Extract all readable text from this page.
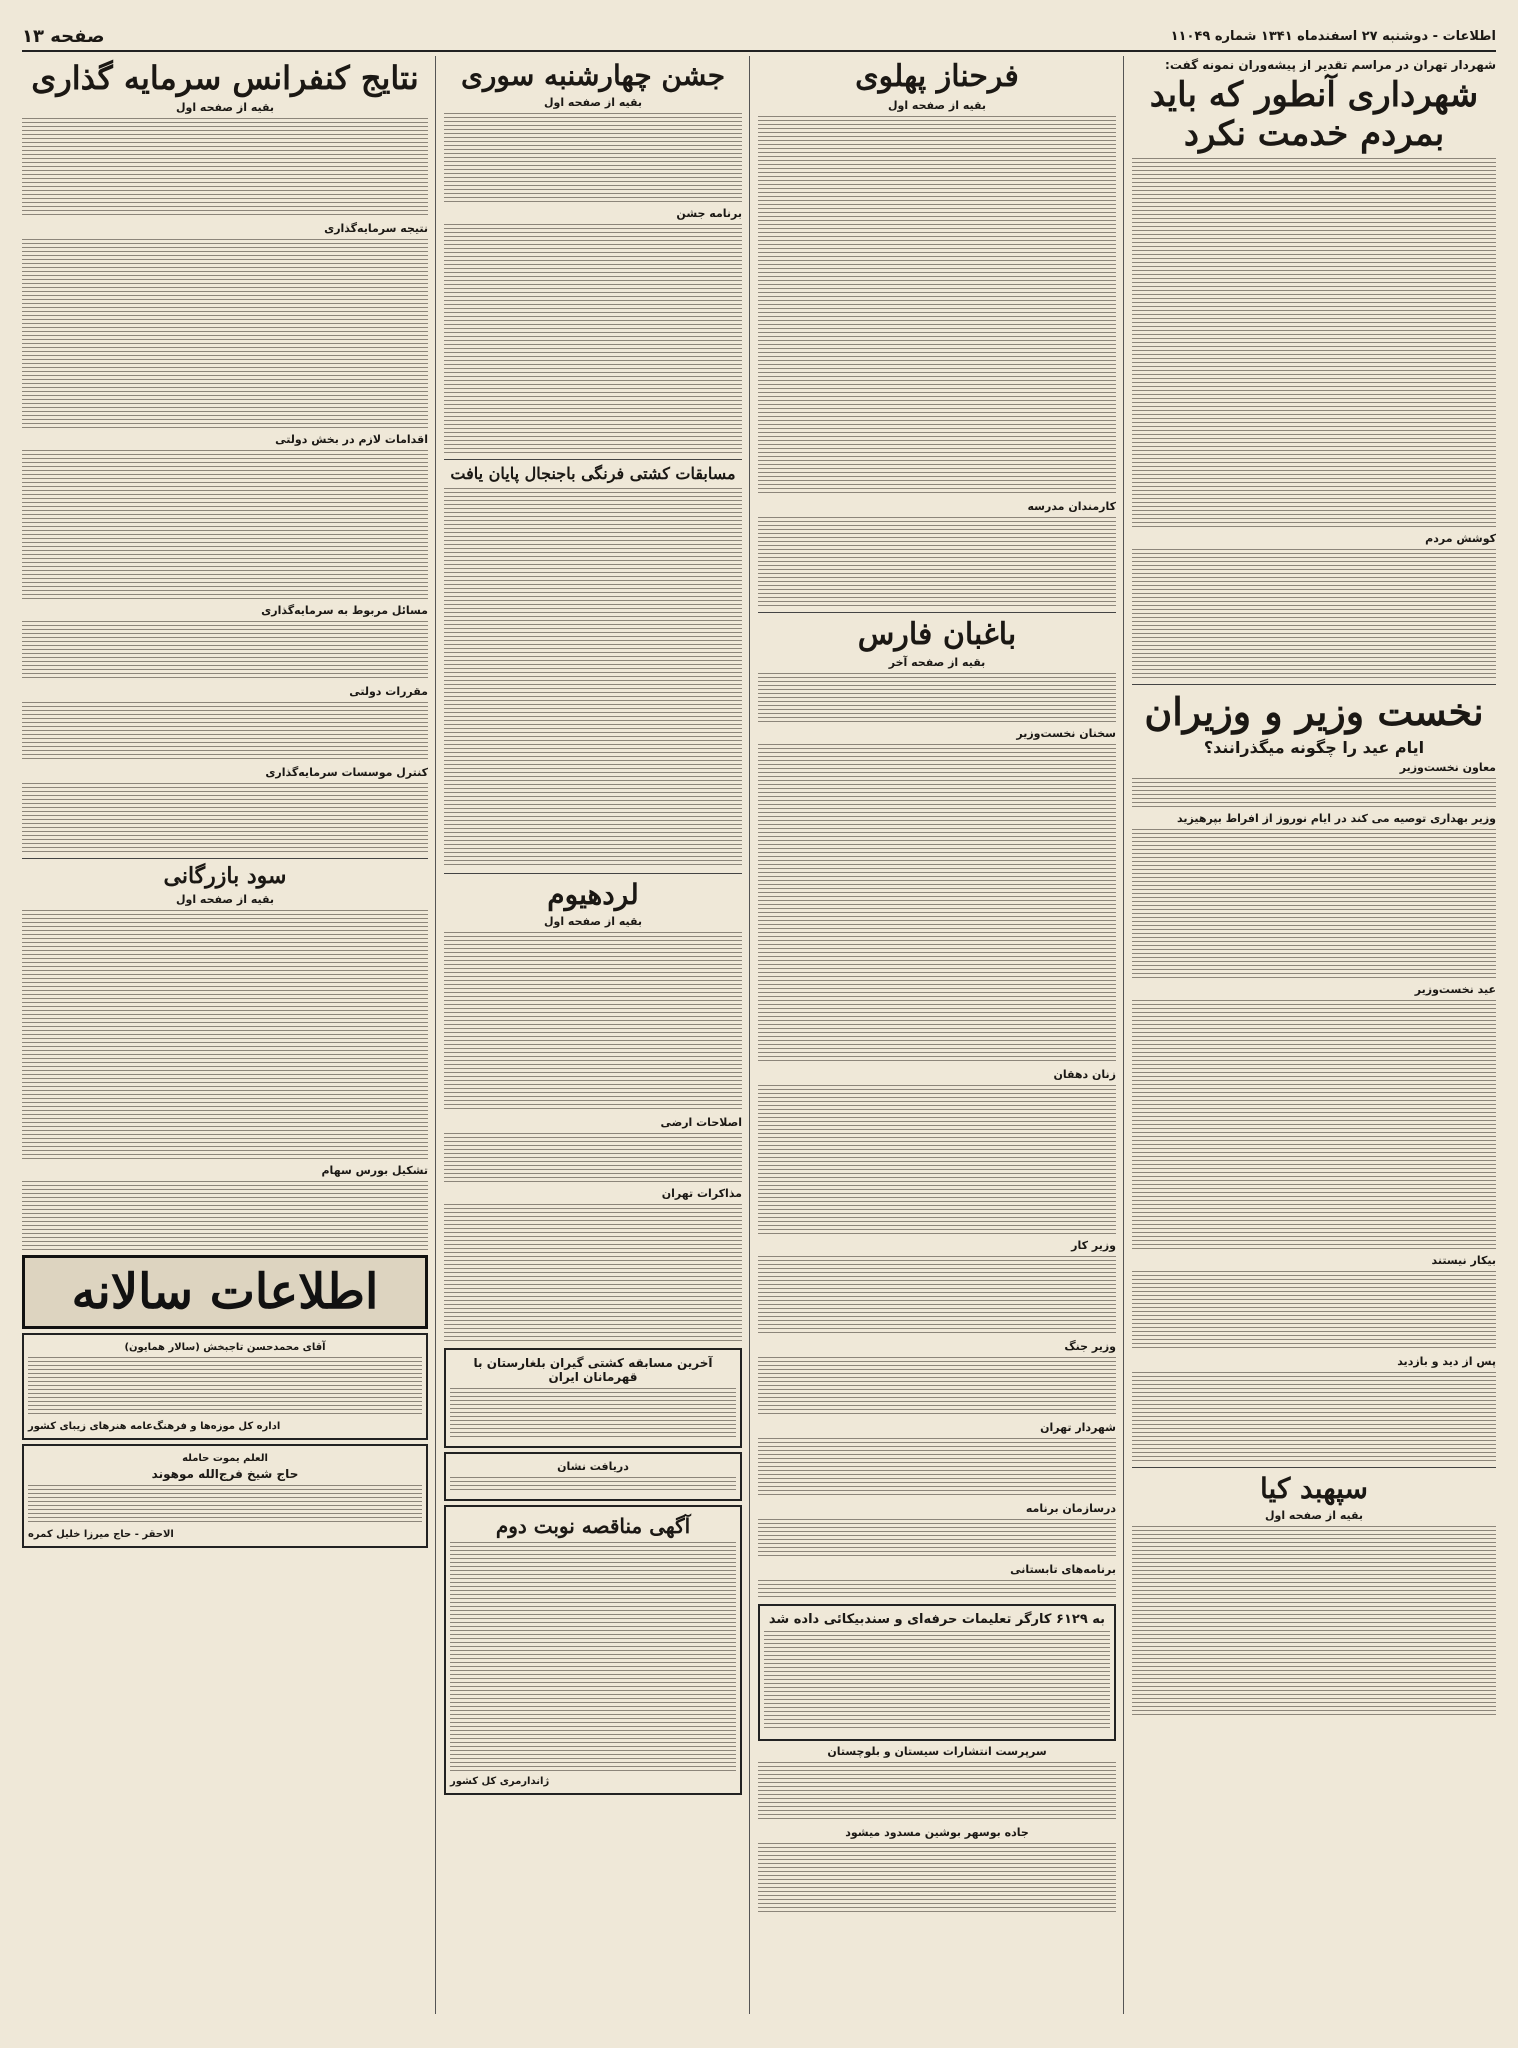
اطلاعات - دوشنبه ۲۷ اسفندماه ۱۳۴۱ شماره ۱۱۰۴۹
صفحه ۱۳
شهردار تهران در مراسم تقدیر از پیشه‌وران نمونه گفت:
شهرداری آنطور که باید بمردم خدمت نکرد
کوشش مردم
نخست وزیر و وزیران
ایام عید را چگونه میگذرانند؟
معاون نخست‌وزیر
وزیر بهداری توصیه می کند در ایام نوروز از افراط بپرهیزید
عید نخست‌وزیر
بیکار نیستند
پس از دید و بازدید
سپهبد کیا
بقیه از صفحه اول
فرحناز پهلوی
بقیه از صفحه اول
کارمندان مدرسه
باغبان فارس
بقیه از صفحه آخر
سخنان نخست‌وزیر
زنان دهقان
وزیر کار
وزیر جنگ
شهردار تهران
درسازمان برنامه
برنامه‌های تابستانی
به ۶۱۲۹ کارگر تعلیمات حرفه‌ای و سندبیکائی داده شد
سرپرست انتشارات سیستان و بلوچستان
جاده بوسهر بوشین مسدود میشود
جشن چهارشنبه سوری
بقیه از صفحه اول
برنامه جشن
مسابقات کشتی فرنگی باجنجال پایان یافت
لردهیوم
بقیه از صفحه اول
اصلاحات ارضی
مذاکرات تهران
آخرین مسابقه کشتی گیران بلغارستان با قهرمانان ایران
دریافت نشان
آگهی مناقصه نوبت دوم
ژاندارمری کل کشور
نتایج کنفرانس سرمایه گذاری
بقیه از صفحه اول
نتیجه سرمایه‌گذاری
اقدامات لازم در بخش دولتی
مسائل مربوط به سرمایه‌گذاری
مقررات دولتی
کنترل موسسات سرمایه‌گذاری
سود بازرگانی
بقیه از صفحه اول
تشکیل بورس سهام
اطلاعات سالانه
آقای محمدحسن تاجبخش (سالار همایون)
اداره کل موزه‌ها و فرهنگ‌عامه هنرهای زیبای کشور
العلم یموت حامله
حاج شیخ فرج‌الله موهوند
الاحقر - حاج میرزا خلیل کمره
